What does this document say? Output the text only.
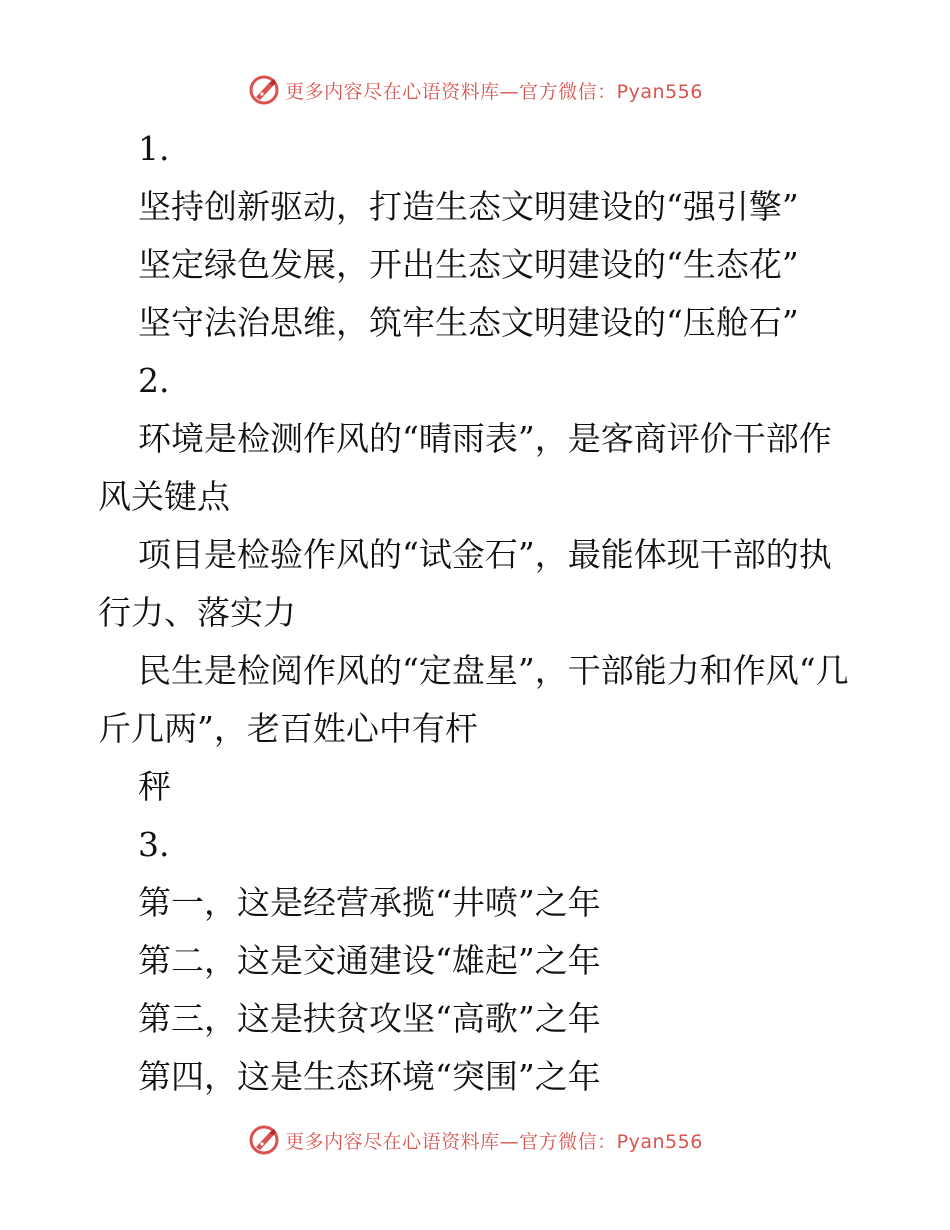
更多内容尽在心语资料库—官方微信：Pyan556

1.

坚持创新驱动，打造生态文明建设的“强引擎”

坚定绿色发展，开出生态文明建设的“生态花”

坚守法治思维，筑牢生态文明建设的“压舱石”

2.

环境是检测作风的“晴雨表”，是客商评价干部作风关键点

项目是检验作风的“试金石”，最能体现干部的执行力、落实力

民生是检阅作风的“定盘星”，干部能力和作风“几斤几两”，老百姓心中有杆

秤

3.

第一，这是经营承揽“井喷”之年

第二，这是交通建设“雄起”之年

第三，这是扶贫攻坚“高歌”之年

第四，这是生态环境“突围”之年

更多内容尽在心语资料库—官方微信：Pyan556
